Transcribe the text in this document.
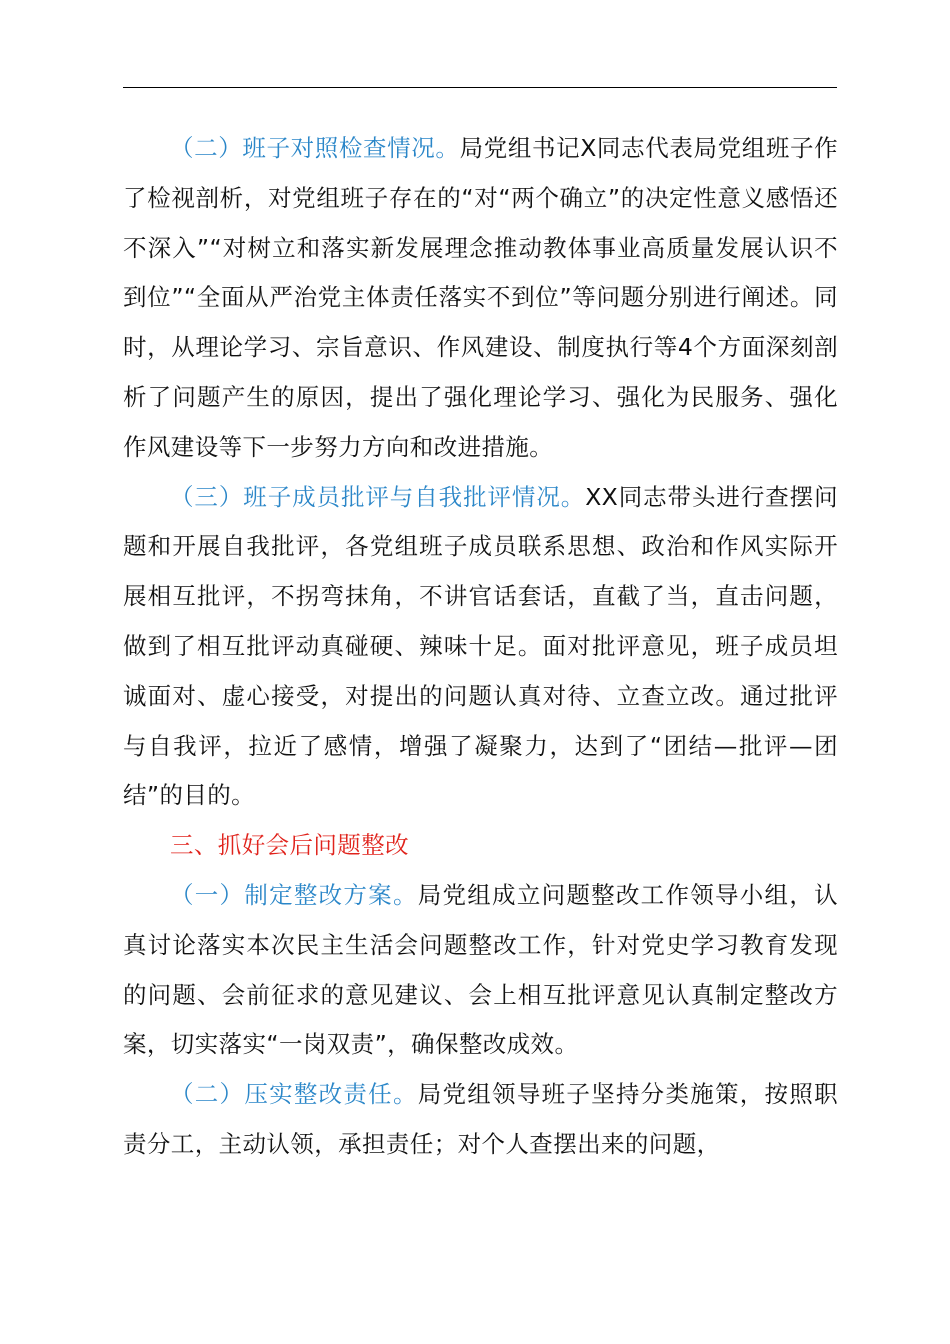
（二）班子对照检查情况。局党组书记X同志代表局党组班子作了检视剖析，对党组班子存在的“对“两个确立”的决定性意义感悟还不深入”“对树立和落实新发展理念推动教体事业高质量发展认识不到位”“全面从严治党主体责任落实不到位”等问题分别进行阐述。同时，从理论学习、宗旨意识、作风建设、制度执行等4个方面深刻剖析了问题产生的原因，提出了强化理论学习、强化为民服务、强化作风建设等下一步努力方向和改进措施。

（三）班子成员批评与自我批评情况。XX同志带头进行查摆问题和开展自我批评，各党组班子成员联系思想、政治和作风实际开展相互批评，不拐弯抹角，不讲官话套话，直截了当，直击问题，做到了相互批评动真碰硬、辣味十足。面对批评意见，班子成员坦诚面对、虚心接受，对提出的问题认真对待、立查立改。通过批评与自我评，拉近了感情，增强了凝聚力，达到了“团结—批评—团结”的目的。

三、抓好会后问题整改

（一）制定整改方案。局党组成立问题整改工作领导小组，认真讨论落实本次民主生活会问题整改工作，针对党史学习教育发现的问题、会前征求的意见建议、会上相互批评意见认真制定整改方案，切实落实“一岗双责”，确保整改成效。

（二）压实整改责任。局党组领导班子坚持分类施策，按照职责分工，主动认领，承担责任；对个人查摆出来的问题，
